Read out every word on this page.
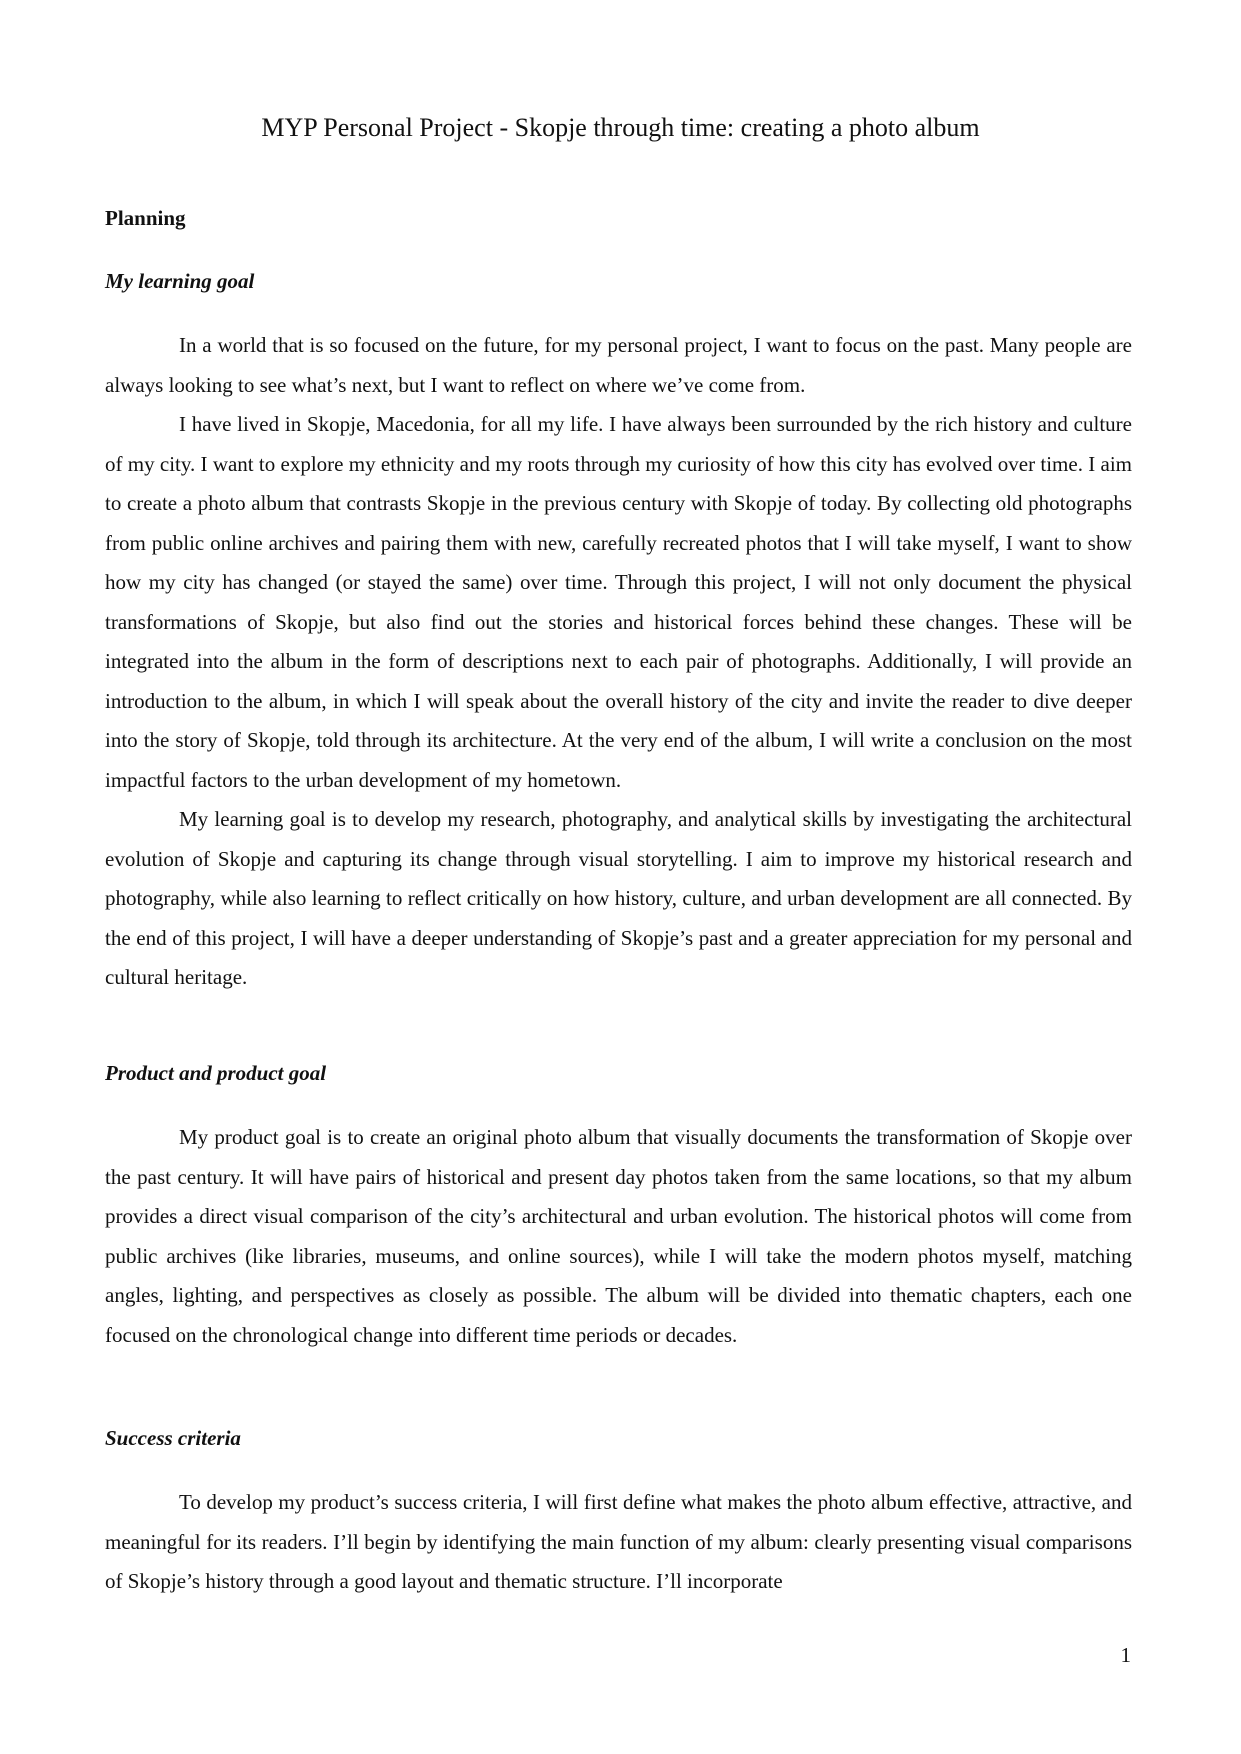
MYP Personal Project - Skopje through time: creating a photo album
Planning
My learning goal

In a world that is so focused on the future, for my personal project, I want to focus on the past. Many people are always looking to see what’s next, but I want to reflect on where we’ve come from.

I have lived in Skopje, Macedonia, for all my life. I have always been surrounded by the rich history and culture of my city. I want to explore my ethnicity and my roots through my curiosity of how this city has evolved over time. I aim to create a photo album that contrasts Skopje in the previous century with Skopje of today. By collecting old photographs from public online archives and pairing them with new, carefully recreated photos that I will take myself, I want to show how my city has changed (or stayed the same) over time. Through this project, I will not only document the physical transformations of Skopje, but also find out the stories and historical forces behind these changes. These will be integrated into the album in the form of descriptions next to each pair of photographs. Additionally, I will provide an introduction to the album, in which I will speak about the overall history of the city and invite the reader to dive deeper into the story of Skopje, told through its architecture. At the very end of the album, I will write a conclusion on the most impactful factors to the urban development of my hometown.

My learning goal is to develop my research, photography, and analytical skills by investigating the architectural evolution of Skopje and capturing its change through visual storytelling. I aim to improve my historical research and photography, while also learning to reflect critically on how history, culture, and urban development are all connected. By the end of this project, I will have a deeper understanding of Skopje’s past and a greater appreciation for my personal and cultural heritage.

Product and product goal

My product goal is to create an original photo album that visually documents the transformation of Skopje over the past century. It will have pairs of historical and present day photos taken from the same locations, so that my album provides a direct visual comparison of the city’s architectural and urban evolution. The historical photos will come from public archives (like libraries, museums, and online sources), while I will take the modern photos myself, matching angles, lighting, and perspectives as closely as possible. The album will be divided into thematic chapters, each one focused on the chronological change into different time periods or decades.

Success criteria

To develop my product’s success criteria, I will first define what makes the photo album effective, attractive, and meaningful for its readers. I’ll begin by identifying the main function of my album: clearly presenting visual comparisons of Skopje’s history through a good layout and thematic structure. I’ll incorporate

1
